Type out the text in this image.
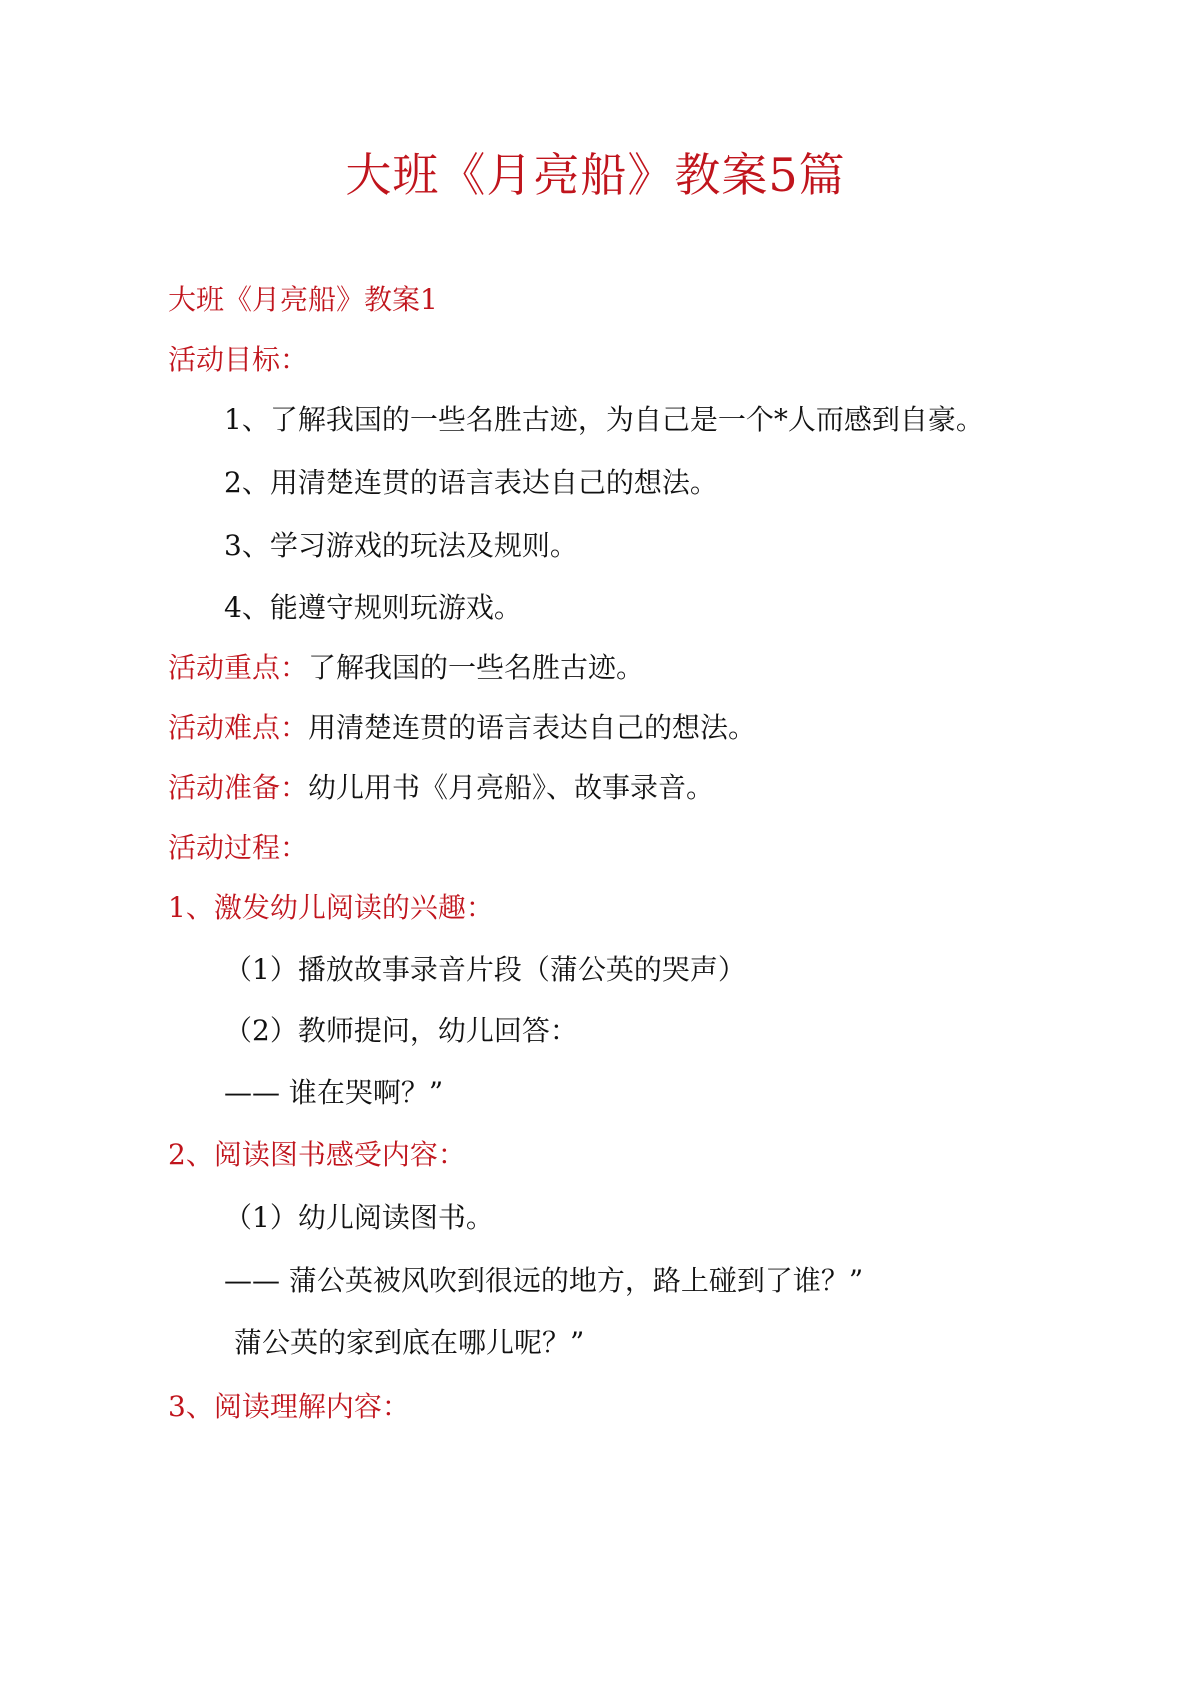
大班《月亮船》教案5篇
大班《月亮船》教案1
活动目标：
1、了解我国的一些名胜古迹，为自己是一个*人而感到自豪。
2、用清楚连贯的语言表达自己的想法。
3、学习游戏的玩法及规则。
4、能遵守规则玩游戏。
活动重点：了解我国的一些名胜古迹。
活动难点：用清楚连贯的语言表达自己的想法。
活动准备：幼儿用书《月亮船》、故事录音。
活动过程：
1、激发幼儿阅读的兴趣：
（1）播放故事录音片段（蒲公英的哭声）
（2）教师提问，幼儿回答：
—— 谁在哭啊？”
2、阅读图书感受内容：
（1）幼儿阅读图书。
—— 蒲公英被风吹到很远的地方，路上碰到了谁？”
蒲公英的家到底在哪儿呢？”
3、阅读理解内容：
